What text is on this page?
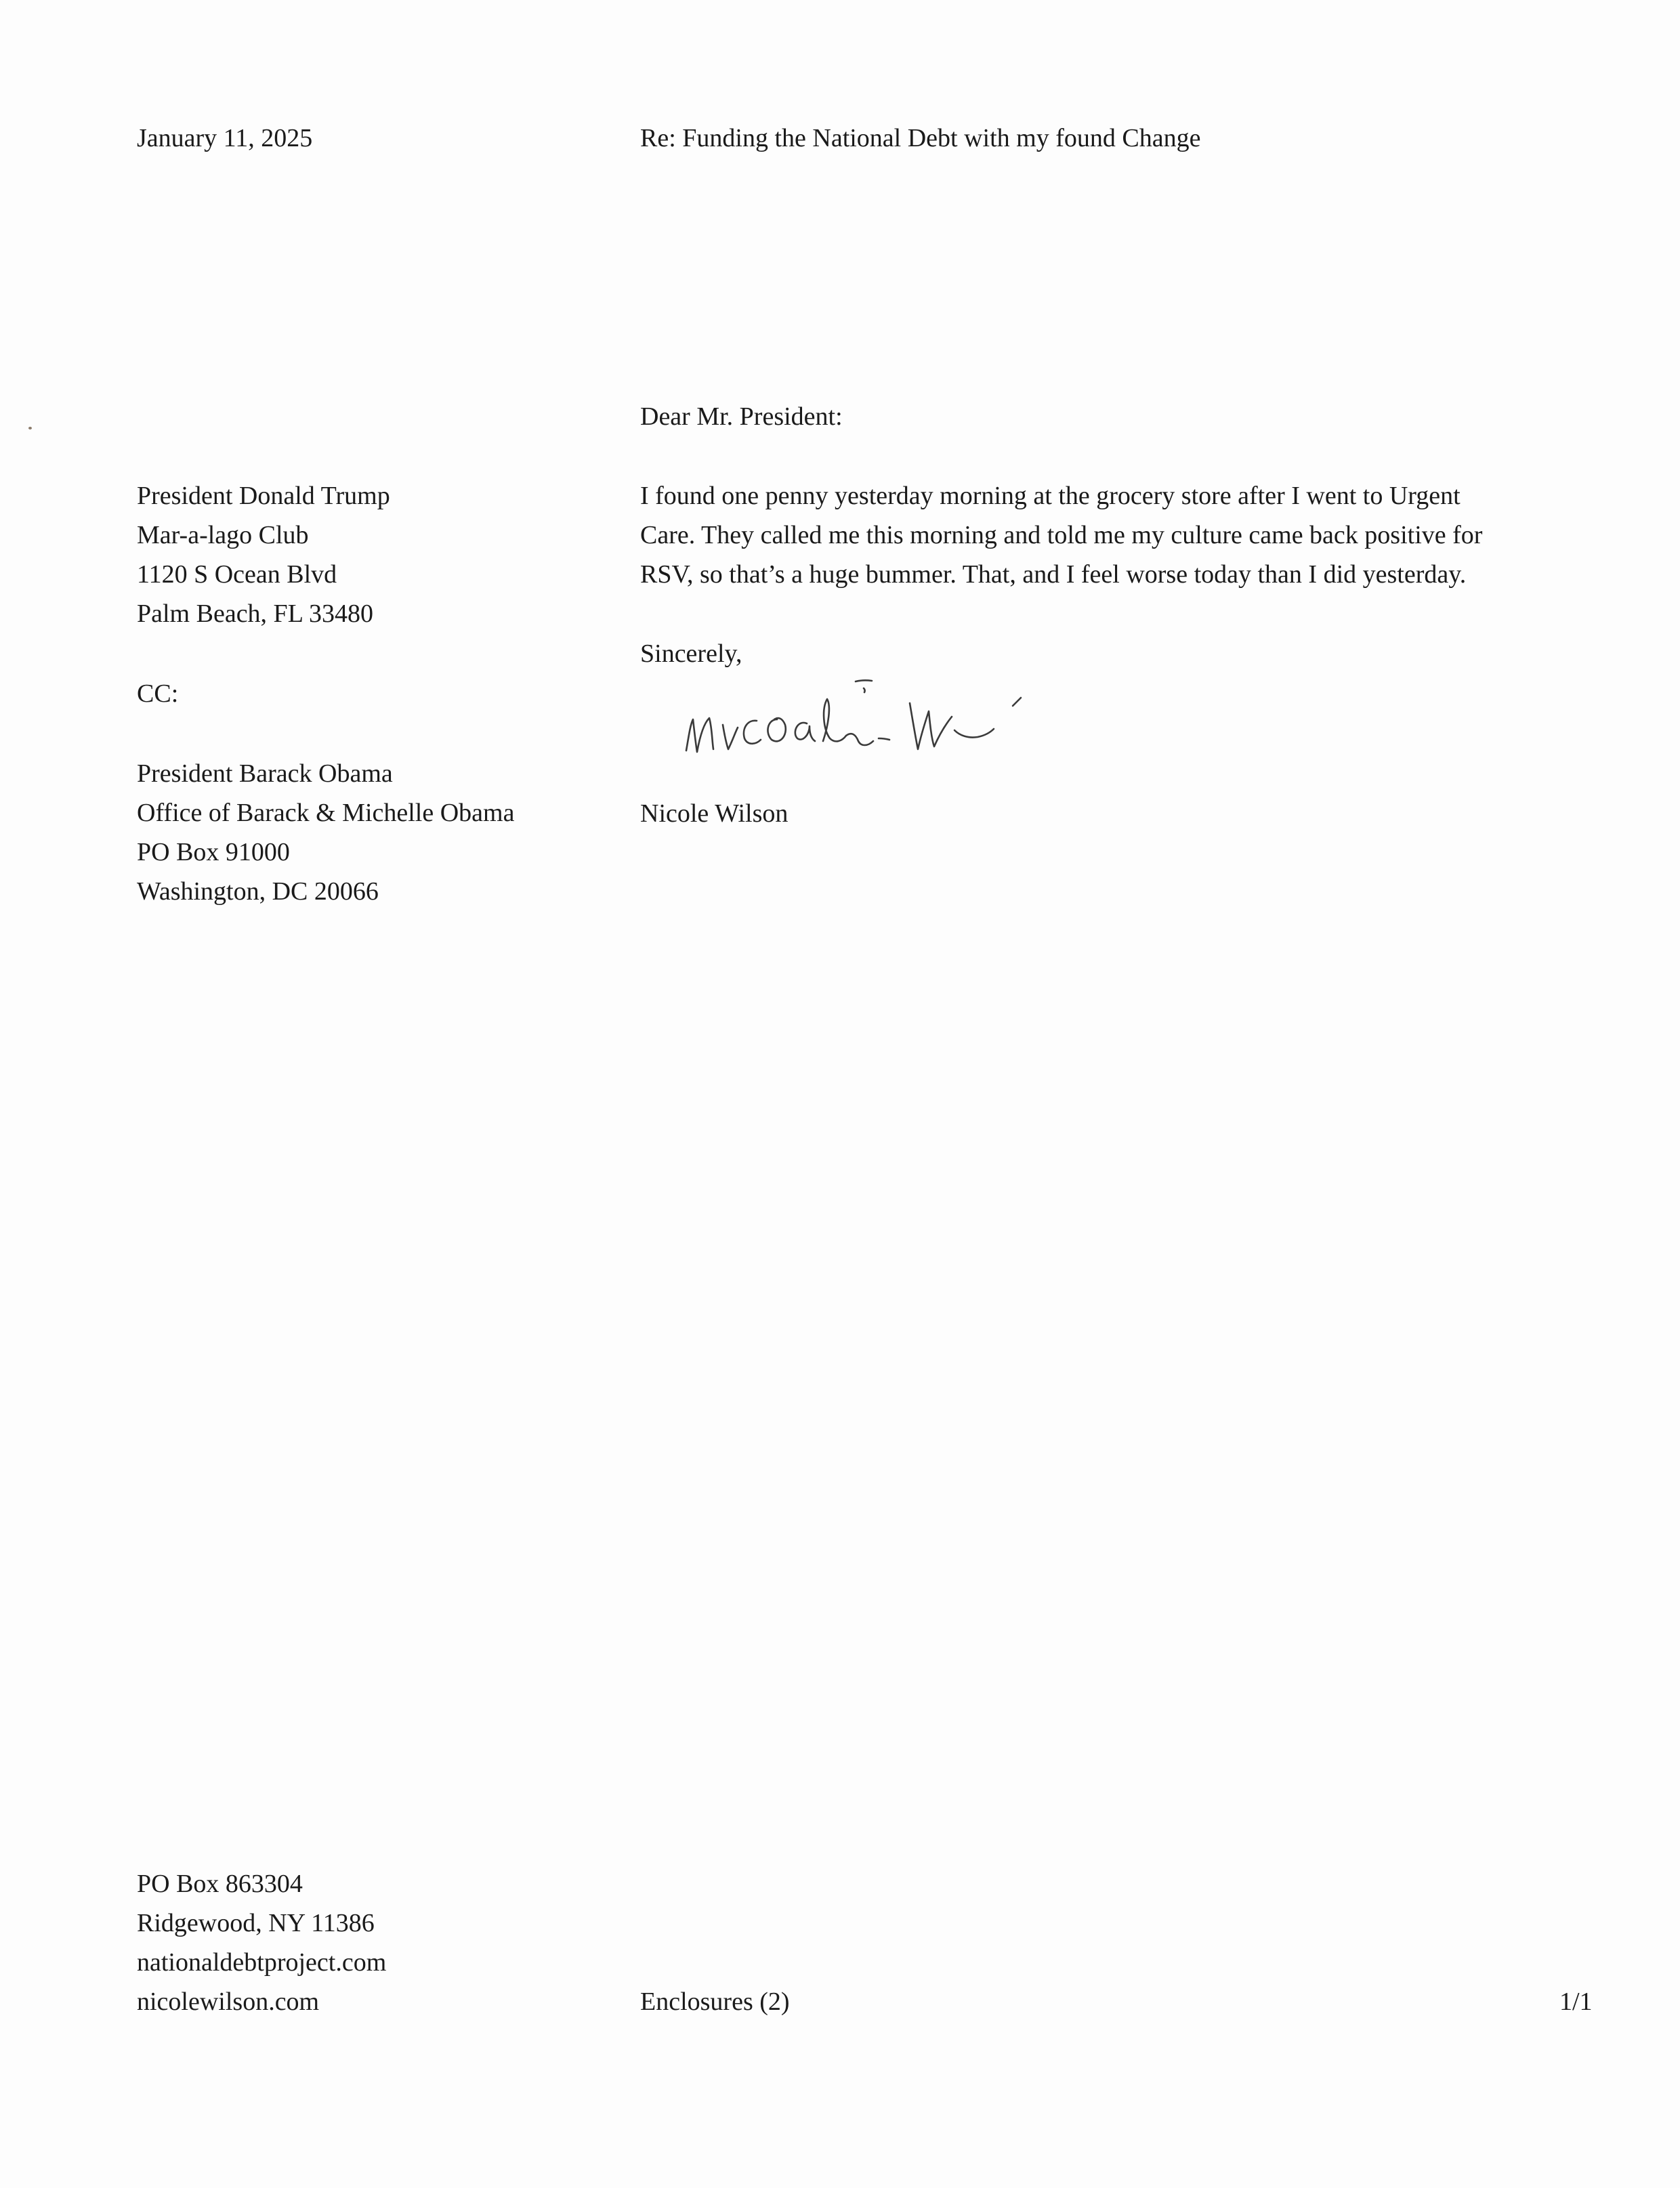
January 11, 2025	Re: Funding the National Debt with my found Change
Dear Mr. President:
President Donald Trump
Mar-a-lago Club
1120 S Ocean Blvd
Palm Beach, FL 33480
I found one penny yesterday morning at the grocery store after I went to Urgent
Care. They called me this morning and told me my culture came back positive for
RSV, so that’s a huge bummer. That, and I feel worse today than I did yesterday.
Sincerely,
CC:
Nicole Wilson
President Barack Obama
Office of Barack & Michelle Obama
PO Box 91000
Washington, DC 20066
PO Box 863304
Ridgewood, NY 11386
nationaldebtproject.com
nicolewilson.com	Enclosures (2)	1/1
